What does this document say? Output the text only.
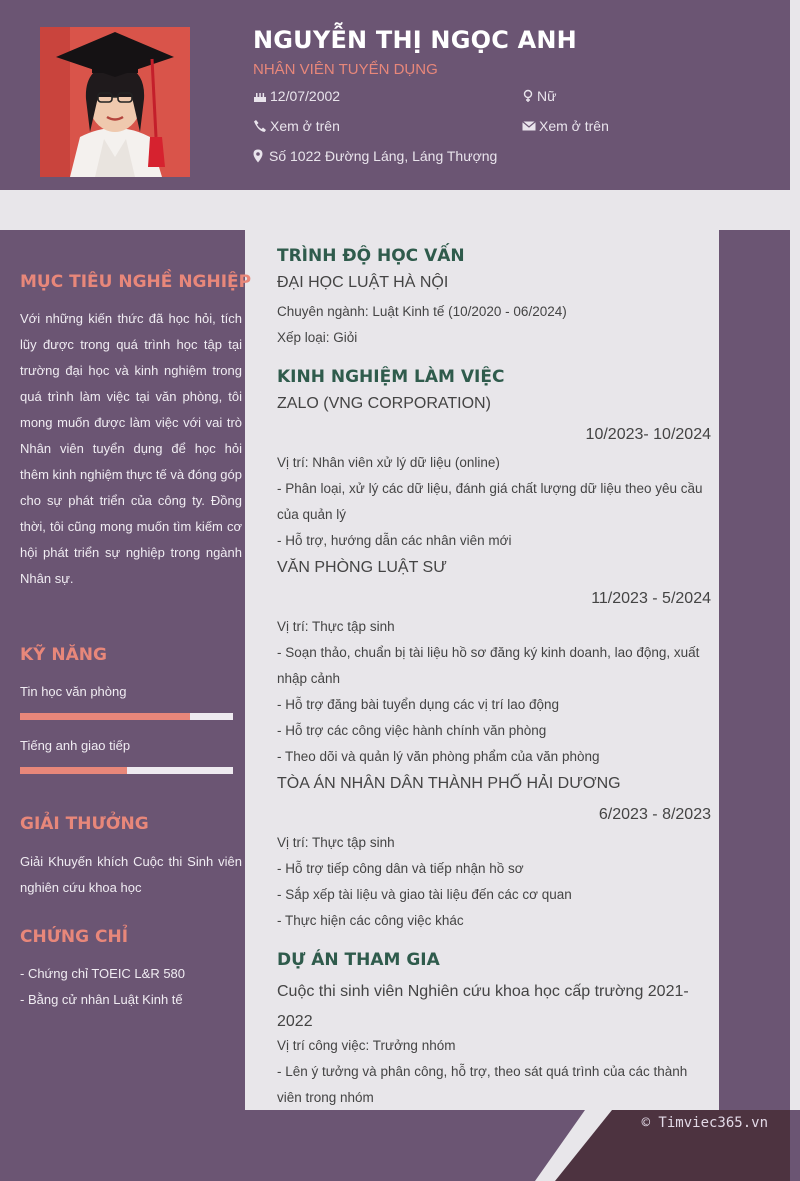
NGUYỄN THỊ NGỌC ANH
NHÂN VIÊN TUYỂN DỤNG
12/07/2002	Nữ
Xem ở trên	Xem ở trên
Số 1022 Đường Láng, Láng Thượng
MỤC TIÊU NGHỀ NGHIỆP
Với những kiến thức đã học hỏi, tích lũy được trong quá trình học tập tại trường đại học và kinh nghiệm trong quá trình làm việc tại văn phòng, tôi mong muốn được làm việc với vai trò Nhân viên tuyển dụng để học hỏi thêm kinh nghiệm thực tế và đóng góp cho sự phát triển của công ty. Đồng thời, tôi cũng mong muốn tìm kiếm cơ hội phát triển sự nghiệp trong ngành Nhân sự.
KỸ NĂNG
Tin học văn phòng
Tiếng anh giao tiếp
GIẢI THƯỞNG
Giải Khuyến khích Cuộc thi Sinh viên nghiên cứu khoa học
CHỨNG CHỈ
- Chứng chỉ TOEIC L&R 580
- Bằng cử nhân Luật Kinh tế
TRÌNH ĐỘ HỌC VẤN
ĐẠI HỌC LUẬT HÀ NỘI
Chuyên ngành: Luật Kinh tế (10/2020 - 06/2024)
Xếp loại: Giỏi
KINH NGHIỆM LÀM VIỆC
ZALO (VNG CORPORATION)
10/2023- 10/2024
Vị trí: Nhân viên xử lý dữ liệu (online)
- Phân loại, xử lý các dữ liệu, đánh giá chất lượng dữ liệu theo yêu cầu của quản lý
- Hỗ trợ, hướng dẫn các nhân viên mới
VĂN PHÒNG LUẬT SƯ
11/2023 - 5/2024
Vị trí: Thực tập sinh
- Soạn thảo, chuẩn bị tài liệu hồ sơ đăng ký kinh doanh, lao động, xuất nhập cảnh
- Hỗ trợ đăng bài tuyển dụng các vị trí lao động
- Hỗ trợ các công việc hành chính văn phòng
- Theo dõi và quản lý văn phòng phẩm của văn phòng
TÒA ÁN NHÂN DÂN THÀNH PHỐ HẢI DƯƠNG
6/2023 - 8/2023
Vị trí: Thực tập sinh
- Hỗ trợ tiếp công dân và tiếp nhận hồ sơ
- Sắp xếp tài liệu và giao tài liệu đến các cơ quan
- Thực hiện các công việc khác
DỰ ÁN THAM GIA
Cuộc thi sinh viên Nghiên cứu khoa học cấp trường 2021-2022
Vị trí công việc: Trưởng nhóm
- Lên ý tưởng và phân công, hỗ trợ, theo sát quá trình của các thành viên trong nhóm
© Timviec365.vn
